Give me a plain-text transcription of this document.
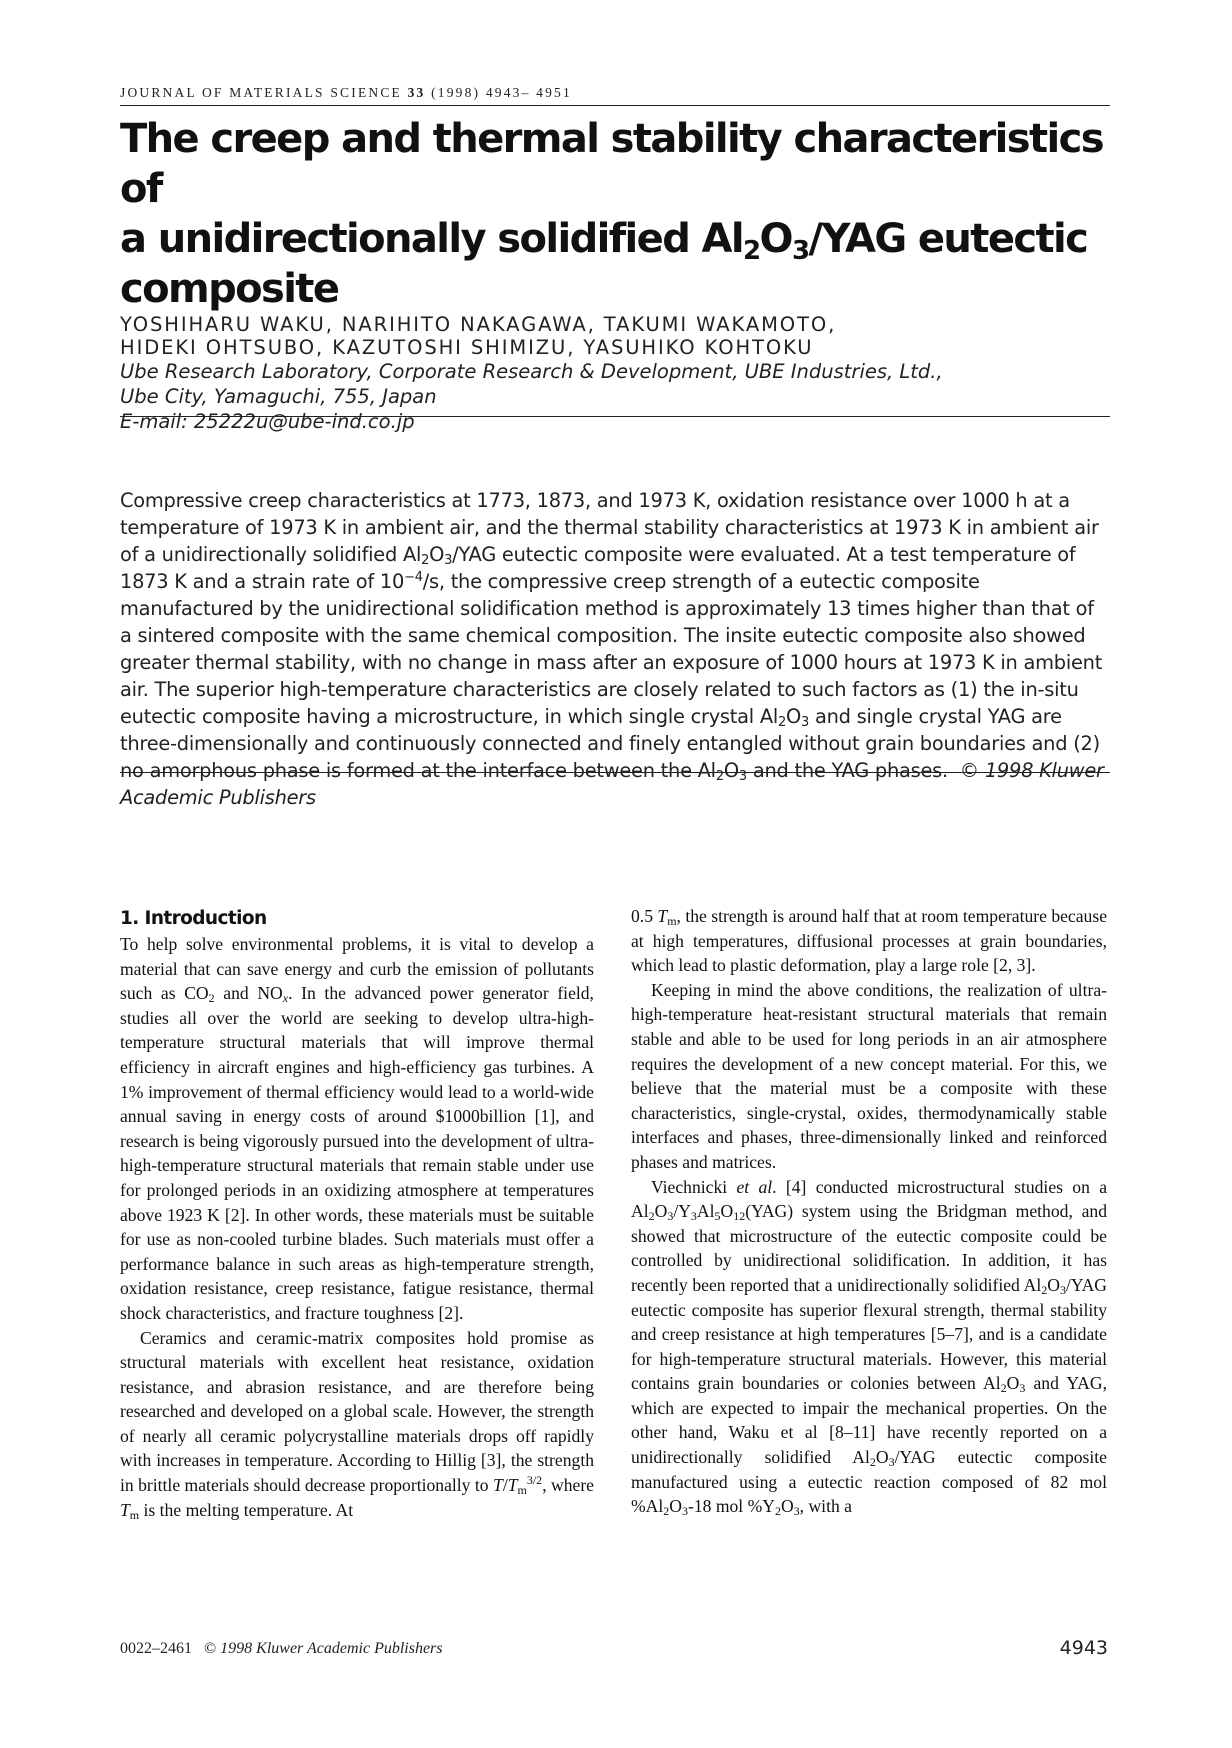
JOURNAL OF MATERIALS SCIENCE 33 (1998) 4943– 4951
The creep and thermal stability characteristics of
a unidirectionally solidified $Al_2O_3$/YAG eutectic
composite
YOSHIHARU WAKU, NARIHITO NAKAGAWA, TAKUMI WAKAMOTO,
HIDEKI OHTSUBO, KAZUTOSHI SHIMIZU, YASUHIKO KOHTOKU
Ube Research Laboratory, Corporate Research & Development, UBE Industries, Ltd.,
Ube City, Yamaguchi, 755, Japan
E-mail: 25222u@ube-ind.co.jp

Compressive creep characteristics at 1773, 1873, and 1973 K, oxidation resistance over 1000 h at a temperature of 1973 K in ambient air, and the thermal stability characteristics at 1973 K in ambient air of a unidirectionally solidified $Al_2O_3$/YAG eutectic composite were evaluated. At a test temperature of 1873 K and a strain rate of $10^{-4}/s$, the compressive creep strength of a eutectic composite manufactured by the unidirectional solidification method is approximately 13 times higher than that of a sintered composite with the same chemical composition. The insite eutectic composite also showed greater thermal stability, with no change in mass after an exposure of 1000 hours at 1973 K in ambient air. The superior high-temperature characteristics are closely related to such factors as (1) the in-situ eutectic composite having a microstructure, in which single crystal $Al_2O_3$ and single crystal YAG are three-dimensionally and continuously connected and finely entangled without grain boundaries and (2) no amorphous phase is formed at the interface between the $Al_2O_3$ and the YAG phases. © 1998 Kluwer Academic Publishers

1. Introduction

To help solve environmental problems, it is vital to develop a material that can save energy and curb the emission of pollutants such as $CO_2$ and $NO_x$. In the advanced power generator field, studies all over the world are seeking to develop ultra-high-temperature structural materials that will improve thermal efficiency in aircraft engines and high-efficiency gas turbines. A 1% improvement of thermal efficiency would lead to a world-wide annual saving in energy costs of around $1000billion [1], and research is being vigorously pursued into the development of ultra-high-temperature structural materials that remain stable under use for prolonged periods in an oxidizing atmosphere at temperatures above 1923 K [2]. In other words, these materials must be suitable for use as non-cooled turbine blades. Such materials must offer a performance balance in such areas as high-temperature strength, oxidation resistance, creep resistance, fatigue resistance, thermal shock characteristics, and fracture toughness [2].

Ceramics and ceramic-matrix composites hold promise as structural materials with excellent heat resistance, oxidation resistance, and abrasion resistance, and are therefore being researched and developed on a global scale. However, the strength of nearly all ceramic polycrystalline materials drops off rapidly with increases in temperature. According to Hillig [3], the strength in brittle materials should decrease proportionally to $T/T_m^{3/2}$, where $T_m$ is the melting temperature. At

0.5 $T_m$, the strength is around half that at room temperature because at high temperatures, diffusional processes at grain boundaries, which lead to plastic deformation, play a large role [2, 3].

Keeping in mind the above conditions, the realization of ultra-high-temperature heat-resistant structural materials that remain stable and able to be used for long periods in an air atmosphere requires the development of a new concept material. For this, we believe that the material must be a composite with these characteristics, single-crystal, oxides, thermodynamically stable interfaces and phases, three-dimensionally linked and reinforced phases and matrices.

Viechnicki et al. [4] conducted microstructural studies on a $Al_2O_3/Y_3Al_5O_{12}(YAG)$ system using the Bridgman method, and showed that microstructure of the eutectic composite could be controlled by unidirectional solidification. In addition, it has recently been reported that a unidirectionally solidified $Al_2O_3$/YAG eutectic composite has superior flexural strength, thermal stability and creep resistance at high temperatures [5–7], and is a candidate for high-temperature structural materials. However, this material contains grain boundaries or colonies between $Al_2O_3$ and YAG, which are expected to impair the mechanical properties. On the other hand, Waku et al [8–11] have recently reported on a unidirectionally solidified $Al_2O_3$/YAG eutectic composite manufactured using a eutectic reaction composed of 82 mol $\%Al_2O_3-18$ mol $\%Y_2O_3$, with a

0022–2461 © 1998 Kluwer Academic Publishers	4943
